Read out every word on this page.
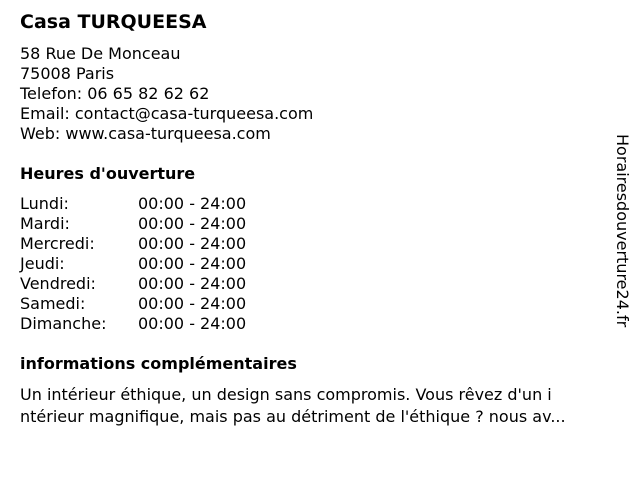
Casa TURQUEESA
58 Rue De Monceau
75008 Paris
Telefon: 06 65 82 62 62
Email: contact@casa-turqueesa.com
Web: www.casa-turqueesa.com
Heures d'ouverture
Lundi:	00:00 - 24:00
Mardi:	00:00 - 24:00
Mercredi:	00:00 - 24:00
Jeudi:	00:00 - 24:00
Vendredi:	00:00 - 24:00
Samedi:	00:00 - 24:00
Dimanche:	00:00 - 24:00
informations complémentaires
Un intérieur éthique, un design sans compromis. Vous rêvez d'un i
ntérieur magnifique, mais pas au détriment de l'éthique ? nous av...
Horairesdouverture24.fr
